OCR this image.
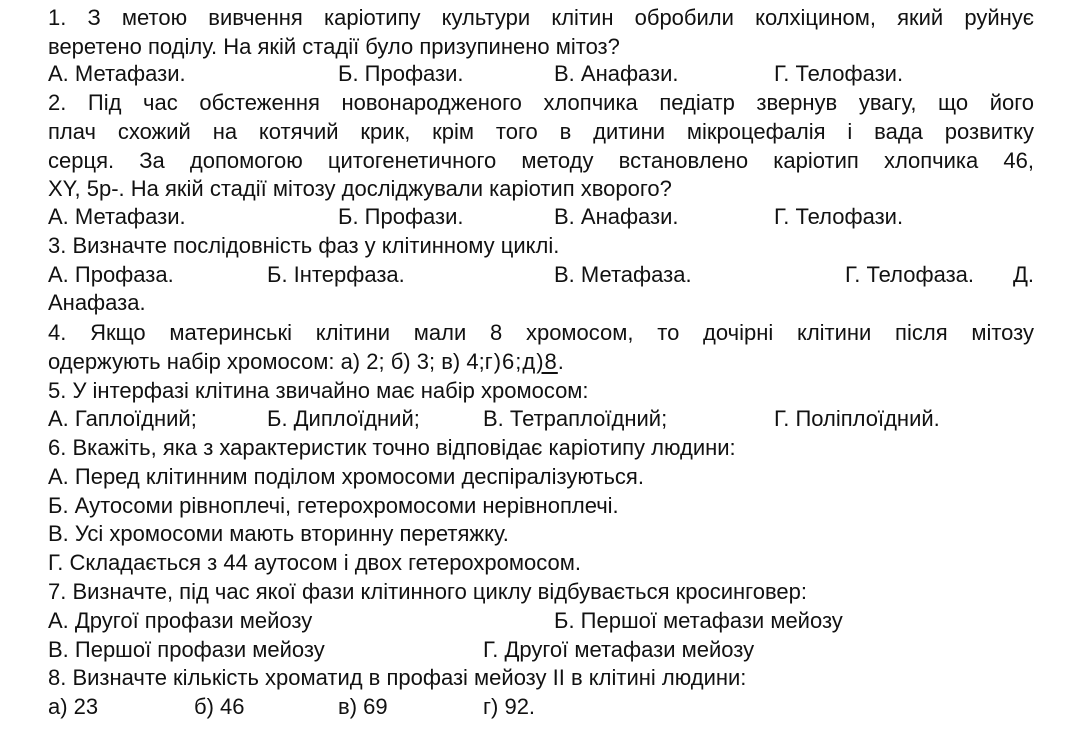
1. З метою вивчення каріотипу культури клітин обробили колхіцином, який руйнує
веретено поділу. На якій стадії було призупинено мітоз?
А. Метафази.	Б. Профази.	В. Анафази.	Г. Телофази.
2. Під час обстеження новонародженого хлопчика педіатр звернув увагу, що його
плач схожий на котячий крик, крім того в дитини мікроцефалія і вада розвитку
серця. За допомогою цитогенетичного методу встановлено каріотип хлопчика 46,
XY, 5p-. На якій стадії мітозу досліджували каріотип хворого?
А. Метафази.	Б. Профази.	В. Анафази.	Г. Телофази.
3. Визначте послідовність фаз у клітинному циклі.
А. Профаза.	Б. Інтерфаза.	В. Метафаза.	Г. Телофаза. Д.
Анафаза.
4. Якщо материнські клітини мали 8 хромосом, то дочірні клітини після мітозу
одержують набір хромосом: а) 2; б) 3; в) 4;г)6;д)8.
5. У інтерфазі клітина звичайно має набір хромосом:
А. Гаплоїдний;	Б. Диплоїдний;	В. Тетраплоїдний;	Г. Поліплоїдний.
6. Вкажіть, яка з характеристик точно відповідає каріотипу людини:
А. Перед клітинним поділом хромосоми деспіралізуються.
Б. Аутосоми рівноплечі, гетерохромосоми нерівноплечі.
В. Усі хромосоми мають вторинну перетяжку.
Г. Складається з 44 аутосом і двох гетерохромосом.
7. Визначте, під час якої фази клітинного циклу відбувається кросинговер:
А. Другої профази мейозу	Б. Першої метафази мейозу
В. Першої профази мейозу	Г. Другої метафази мейозу
8. Визначте кількість хроматид в профазі мейозу ІІ в клітині людини:
а) 23	б) 46	в) 69	г) 92.
